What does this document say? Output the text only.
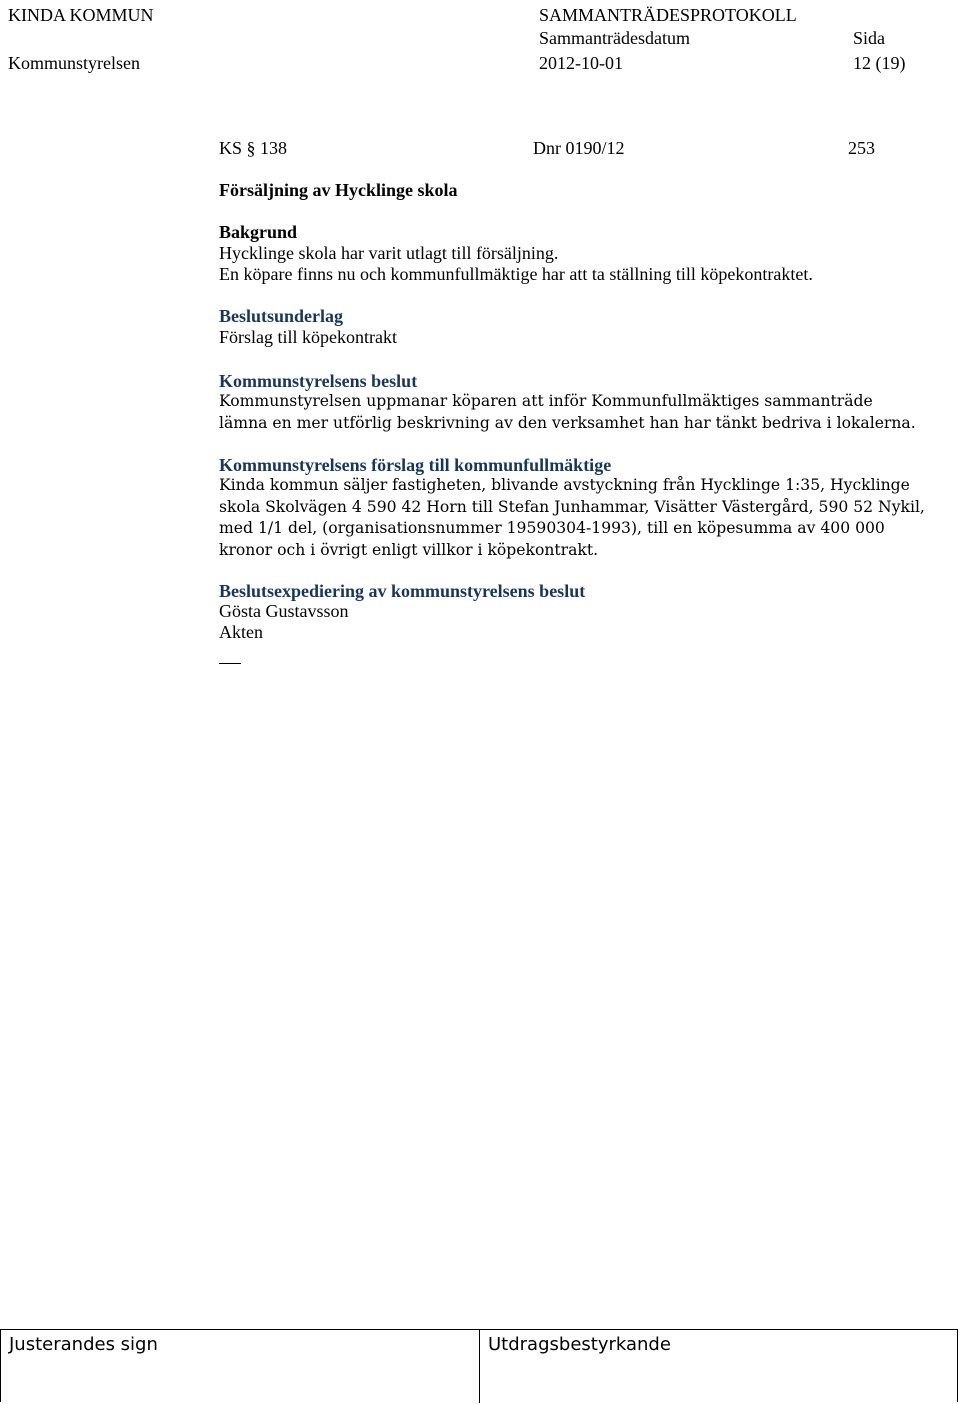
KINDA KOMMUN	SAMMANTRÄDESPROTOKOLL
Sammanträdesdatum	Sida
Kommunstyrelsen	2012-10-01	12 (19)
KS § 138	Dnr 0190/12	253
Försäljning av Hycklinge skola
Bakgrund
Hycklinge skola har varit utlagt till försäljning.
En köpare finns nu och kommunfullmäktige har att ta ställning till köpekontraktet.
Beslutsunderlag
Förslag till köpekontrakt
Kommunstyrelsens beslut
Kommunstyrelsen uppmanar köparen att inför Kommunfullmäktiges sammanträde
lämna en mer utförlig beskrivning av den verksamhet han har tänkt bedriva i lokalerna.
Kommunstyrelsens förslag till kommunfullmäktige
Kinda kommun säljer fastigheten, blivande avstyckning från Hycklinge 1:35, Hycklinge
skola Skolvägen 4 590 42 Horn till Stefan Junhammar, Visätter Västergård, 590 52 Nykil,
med 1/1 del, (organisationsnummer 19590304-1993), till en köpesumma av 400 000
kronor och i övrigt enligt villkor i köpekontrakt.
Beslutsexpediering av kommunstyrelsens beslut
Gösta Gustavsson
Akten
Justerandes sign	Utdragsbestyrkande
